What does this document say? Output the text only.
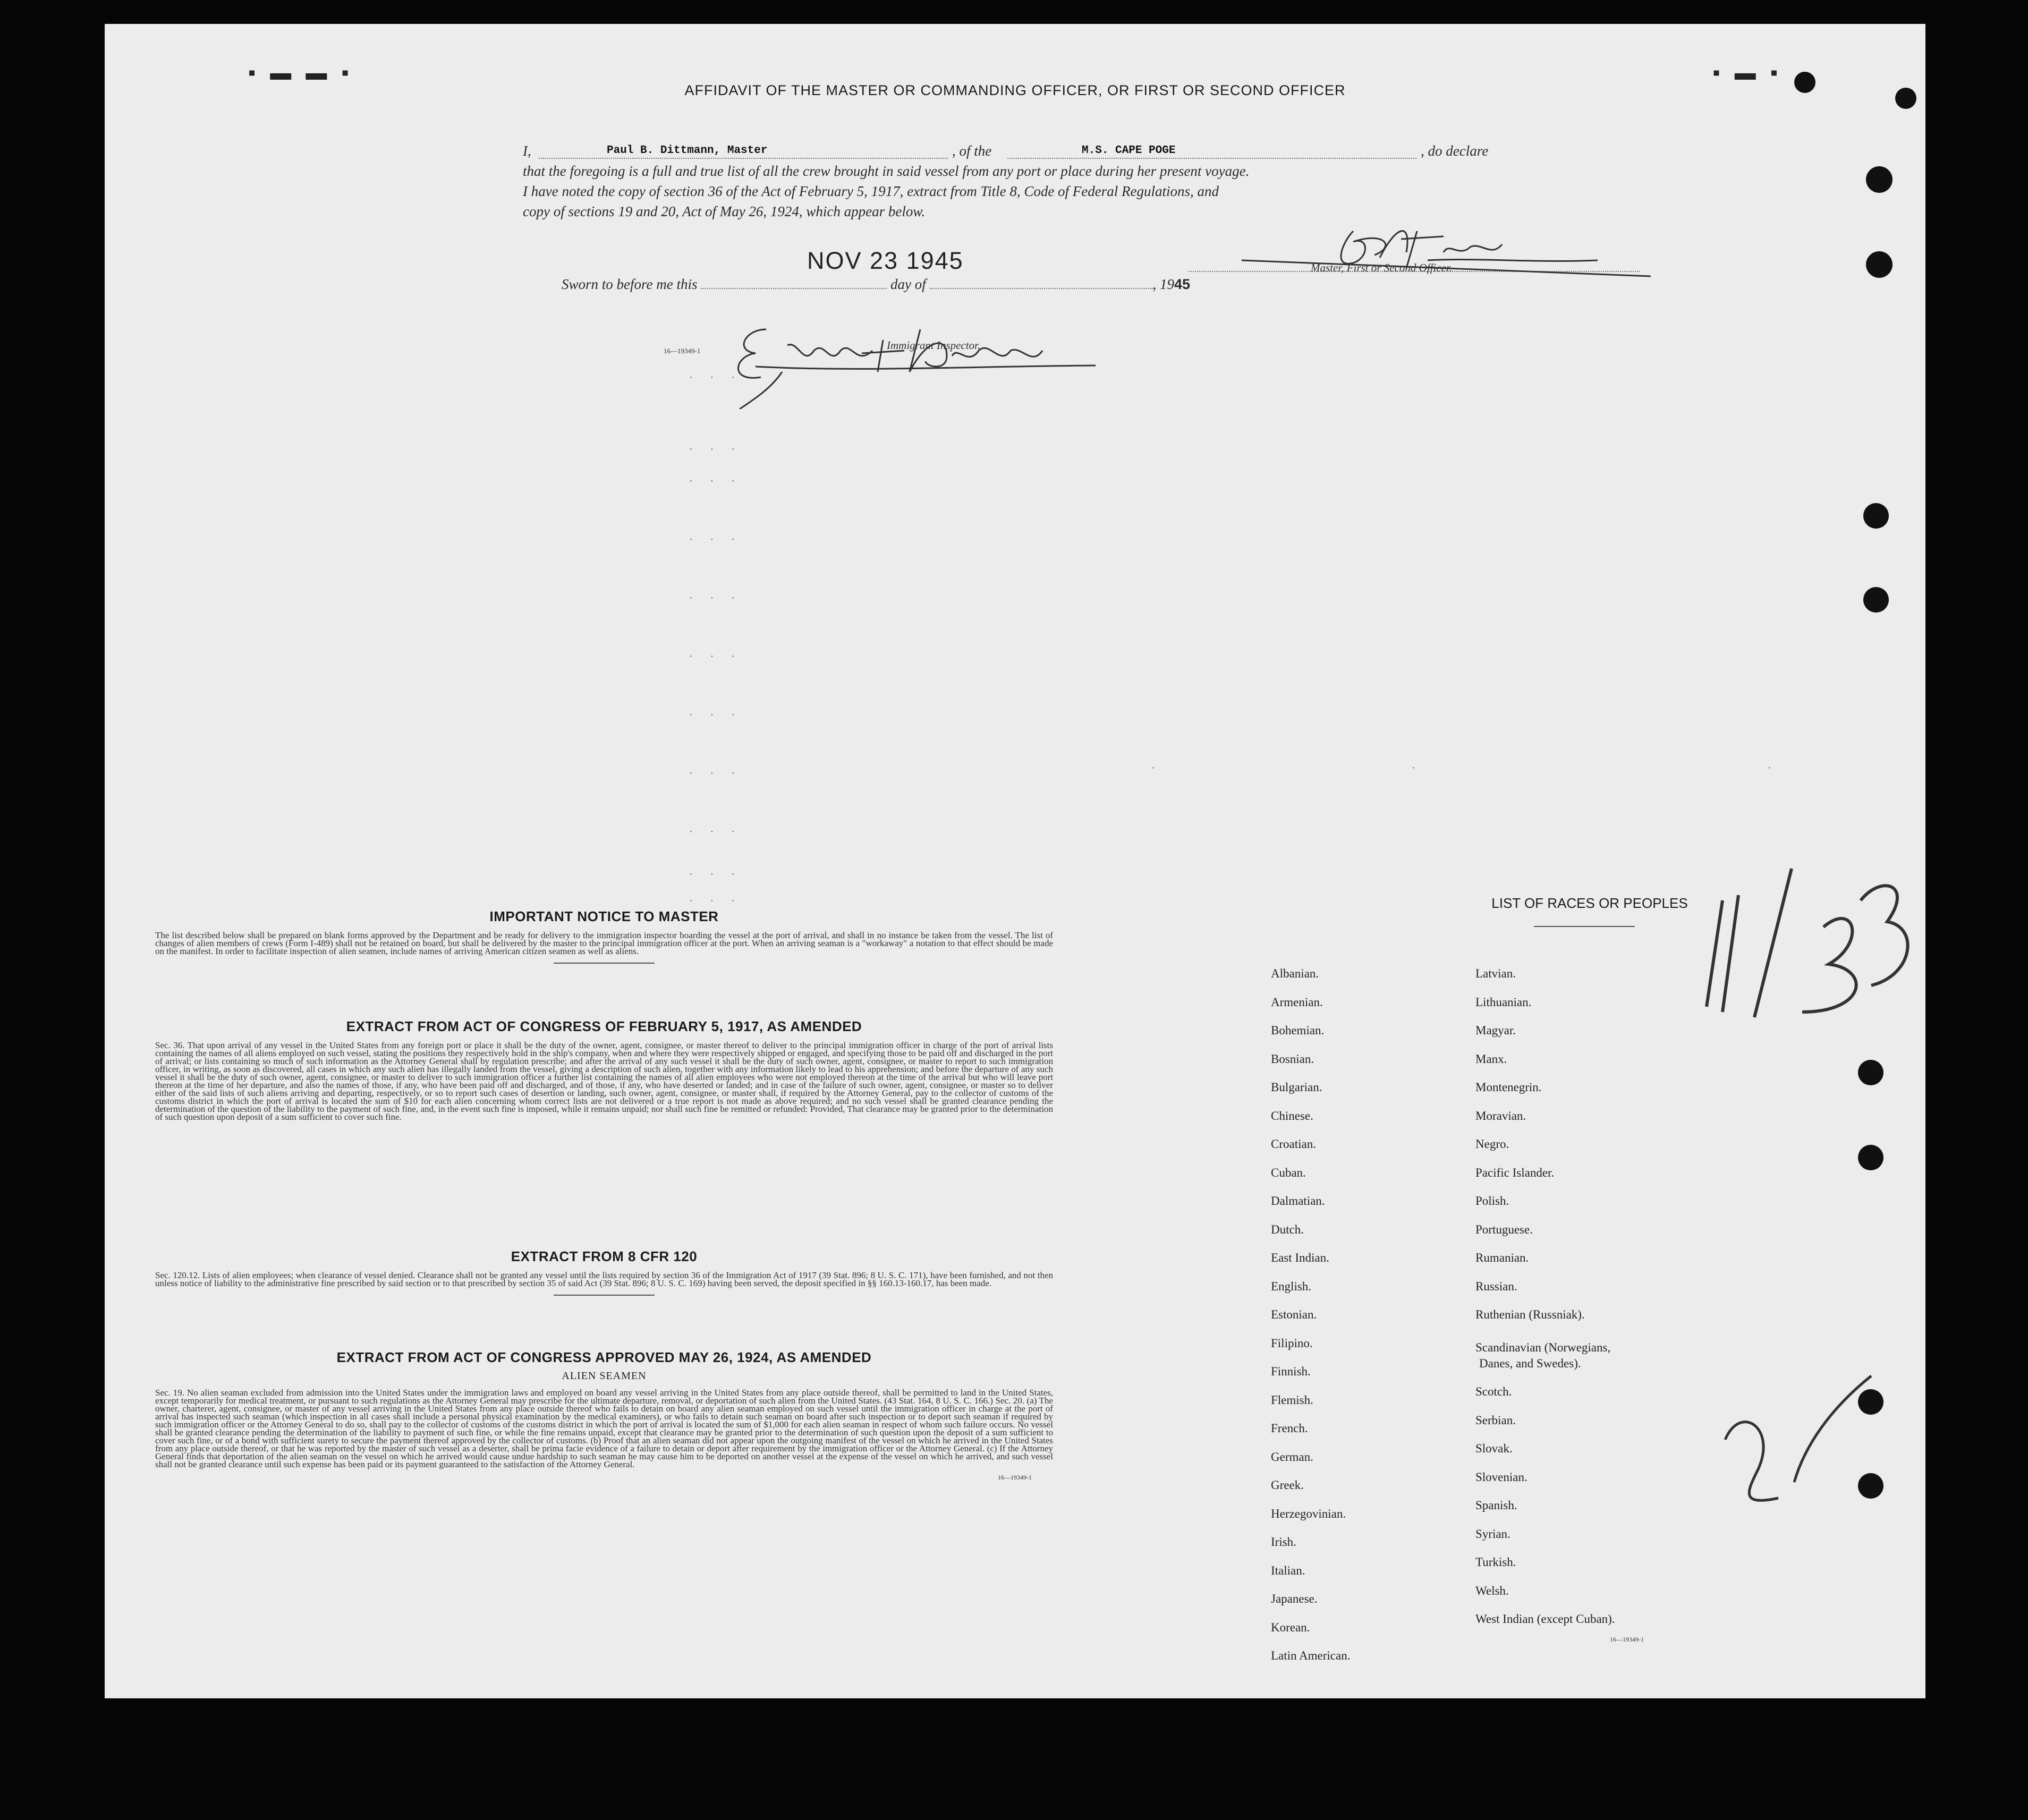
▪ ▬ ▬ ▪	▪ ▬ ▪
AFFIDAVIT OF THE MASTER OR COMMANDING OFFICER, OR FIRST OR SECOND OFFICER
I,	Paul B. Dittmann, Master	, of the	M.S. CAPE POGE	, do declare

that the foregoing is a full and true list of all the crew brought in said vessel from any port or place during her present voyage.

I have noted the copy of section 36 of the Act of February 5, 1917, extract from Title 8, Code of Federal Regulations, and

copy of sections 19 and 20, Act of May 26, 1924, which appear below.

NOV 23 1945
Sworn to before me this	day of	, 1945
Master, First or Second Officer.
Immigrant Inspector.
16—19349-1
· · ·
· · ·
· · ·
· · ·
· · ·
· · ·
· · ·
· · ·
· · ·
· · ·
· · ·
·	·	·
IMPORTANT NOTICE TO MASTER

The list described below shall be prepared on blank forms approved by the Department and be ready for delivery to the immigration inspector boarding the vessel at the port of arrival, and shall in no instance be taken from the vessel. The list of changes of alien members of crews (Form I-489) shall not be retained on board, but shall be delivered by the master to the principal immigration officer at the port. When an arriving seaman is a "workaway" a notation to that effect should be made on the manifest. In order to facilitate inspection of alien seamen, include names of arriving American citizen seamen as well as aliens.

EXTRACT FROM ACT OF CONGRESS OF FEBRUARY 5, 1917, AS AMENDED

Sec. 36. That upon arrival of any vessel in the United States from any foreign port or place it shall be the duty of the owner, agent, consignee, or master thereof to deliver to the principal immigration officer in charge of the port of arrival lists containing the names of all aliens employed on such vessel, stating the positions they respectively hold in the ship's company, when and where they were respectively shipped or engaged, and specifying those to be paid off and discharged in the port of arrival; or lists containing so much of such information as the Attorney General shall by regulation prescribe; and after the arrival of any such vessel it shall be the duty of such owner, agent, consignee, or master to report to such immigration officer, in writing, as soon as discovered, all cases in which any such alien has illegally landed from the vessel, giving a description of such alien, together with any information likely to lead to his apprehension; and before the departure of any such vessel it shall be the duty of such owner, agent, consignee, or master to deliver to such immigration officer a further list containing the names of all alien employees who were not employed thereon at the time of the arrival but who will leave port thereon at the time of her departure, and also the names of those, if any, who have been paid off and discharged, and of those, if any, who have deserted or landed; and in case of the failure of such owner, agent, consignee, or master so to deliver either of the said lists of such aliens arriving and departing, respectively, or so to report such cases of desertion or landing, such owner, agent, consignee, or master shall, if required by the Attorney General, pay to the collector of customs of the customs district in which the port of arrival is located the sum of $10 for each alien concerning whom correct lists are not delivered or a true report is not made as above required; and no such vessel shall be granted clearance pending the determination of the question of the liability to the payment of such fine, and, in the event such fine is imposed, while it remains unpaid; nor shall such fine be remitted or refunded: Provided, That clearance may be granted prior to the determination of such question upon deposit of a sum sufficient to cover such fine.

EXTRACT FROM 8 CFR 120

Sec. 120.12. Lists of alien employees; when clearance of vessel denied. Clearance shall not be granted any vessel until the lists required by section 36 of the Immigration Act of 1917 (39 Stat. 896; 8 U. S. C. 171), have been furnished, and not then unless notice of liability to the administrative fine prescribed by said section or to that prescribed by section 35 of said Act (39 Stat. 896; 8 U. S. C. 169) having been served, the deposit specified in §§ 160.13-160.17, has been made.

EXTRACT FROM ACT OF CONGRESS APPROVED MAY 26, 1924, AS AMENDED

ALIEN SEAMEN

Sec. 19. No alien seaman excluded from admission into the United States under the immigration laws and employed on board any vessel arriving in the United States from any place outside thereof, shall be permitted to land in the United States, except temporarily for medical treatment, or pursuant to such regulations as the Attorney General may prescribe for the ultimate departure, removal, or deportation of such alien from the United States. (43 Stat. 164, 8 U. S. C. 166.) Sec. 20. (a) The owner, charterer, agent, consignee, or master of any vessel arriving in the United States from any place outside thereof who fails to detain on board any alien seaman employed on such vessel until the immigration officer in charge at the port of arrival has inspected such seaman (which inspection in all cases shall include a personal physical examination by the medical examiners), or who fails to detain such seaman on board after such inspection or to deport such seaman if required by such immigration officer or the Attorney General to do so, shall pay to the collector of customs of the customs district in which the port of arrival is located the sum of $1,000 for each alien seaman in respect of whom such failure occurs. No vessel shall be granted clearance pending the determination of the liability to payment of such fine, or while the fine remains unpaid, except that clearance may be granted prior to the determination of such question upon the deposit of a sum sufficient to cover such fine, or of a bond with sufficient surety to secure the payment thereof approved by the collector of customs. (b) Proof that an alien seaman did not appear upon the outgoing manifest of the vessel on which he arrived in the United States from any place outside thereof, or that he was reported by the master of such vessel as a deserter, shall be prima facie evidence of a failure to detain or deport after requirement by the immigration officer or the Attorney General. (c) If the Attorney General finds that deportation of the alien seaman on the vessel on which he arrived would cause undue hardship to such seaman he may cause him to be deported on another vessel at the expense of the vessel on which he arrived, and such vessel shall not be granted clearance until such expense has been paid or its payment guaranteed to the satisfaction of the Attorney General.

16—19349-1
LIST OF RACES OR PEOPLES
Albanian.
Armenian.
Bohemian.
Bosnian.
Bulgarian.
Chinese.
Croatian.
Cuban.
Dalmatian.
Dutch.
East Indian.
English.
Estonian.
Filipino.
Finnish.
Flemish.
French.
German.
Greek.
Herzegovinian.
Irish.
Italian.
Japanese.
Korean.
Latin American.
Latvian.
Lithuanian.
Magyar.
Manx.
Montenegrin.
Moravian.
Negro.
Pacific Islander.
Polish.
Portuguese.
Rumanian.
Russian.
Ruthenian (Russniak).
Scandinavian (Norwegians,
Danes, and Swedes).
Scotch.
Serbian.
Slovak.
Slovenian.
Spanish.
Syrian.
Turkish.
Welsh.
West Indian (except Cuban).
16—19349-1
